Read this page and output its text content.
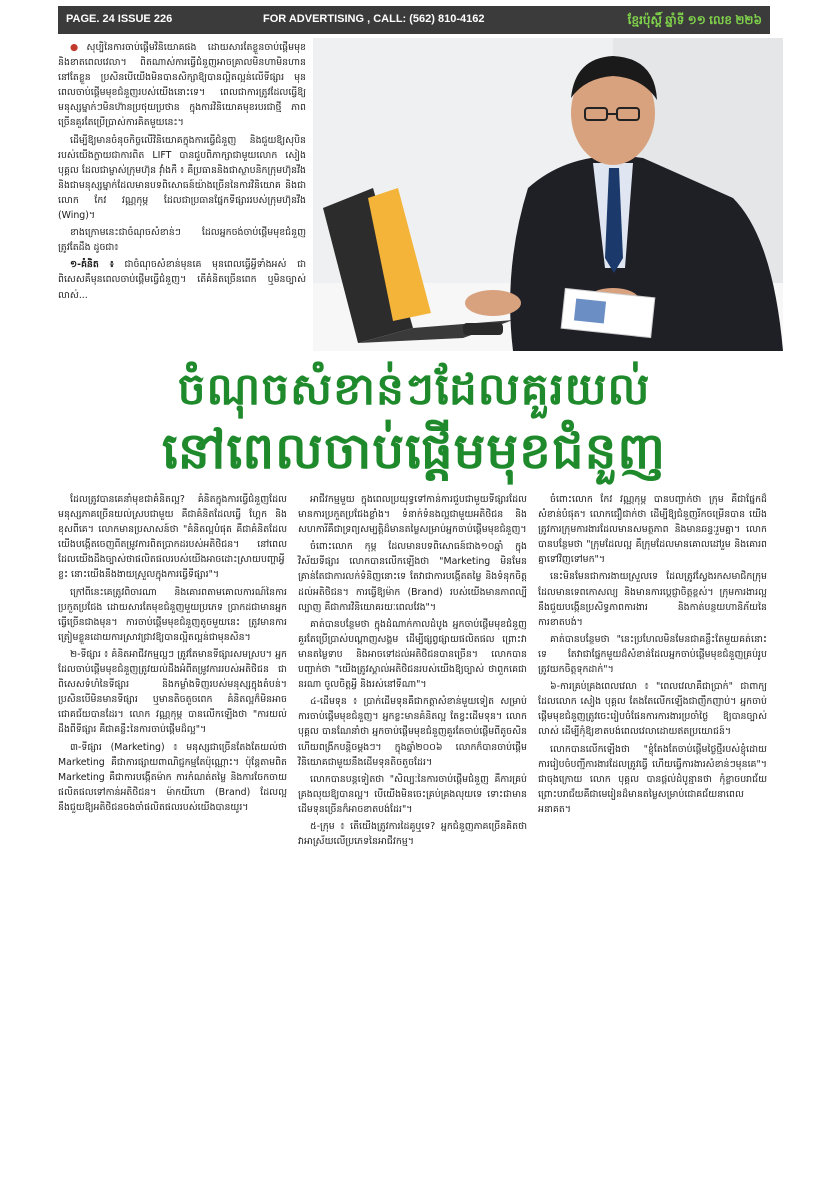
PAGE. 24 ISSUE 226	FOR ADVERTISING , CALL: (562) 810-4162	ខ្មែរប៉ុស្តិ៍ ឆ្នាំទី ១១ លេខ ២២៦

●សុប្បិនៃការចាប់ផ្តើមវិនិយោគផង ដោយសារតែខ្លួនចាប់ផ្តើមមុខ និងខាតពេលវេលា។ ពិតណាស់ការធ្វើជំនួញអាចគ្រាលមិនហាមិនហាននៅតែខ្លួន ប្រសិនបើយើងមិនបានសិក្សាឱ្យបានល្អិតល្អន់លើទីផ្សារ មុនពេលចាប់ផ្តើមមុខជំនួញរបស់យើងនោះទេ។ ពេលជាការត្រូវដែលធ្វើឱ្យមនុស្សម្នាក់ៗមិនហ៊ានប្រថុយប្រថាន ក្នុងការវិនិយោគមុខរបរជាថ្មី ភាពច្រើនគួរតែប្រើប្រាស់ការគិតមួយនេះ។

ដើម្បីឱ្យមានចំនុចកិច្ចលើវិនិយោគក្នុងការធ្វើជំនួញ និងជួយឱ្យសុបិនរបស់យើងក្លាយជាការពិត LIFT បានជួបពិភាក្សាជាមួយលោក សៀង បុគ្គល ដែលជាម្ចាស់ក្រុមហ៊ុន វ៉ាំងកឺ ៖ គឺប្រធាននិងជាស្ថាបនិកក្រុមហ៊ុនវីង និងជាមនុស្សម្នាក់ដែលមានបទពិសោធន៍យ៉ាងច្រើននៃការវិនិយោគ និងជាលោក កែវ វណ្ណកុម្ភ ដែលជាប្រធានផ្នែកទីផ្សាររបស់ក្រុមហ៊ុនវីង (Wing)។

ខាងក្រោមនេះជាចំណុចសំខាន់ៗ ដែលអ្នកចង់ចាប់ផ្តើមមុខជំនួញត្រូវតែដឹង ដូចជា៖

១-គំនិត ៖ ជាចំណុចសំខាន់មុនគេ មុនពេលធ្វើអ្វីទាំងអស់ ជាពិសេសគឺមុនពេលចាប់ផ្តើមធ្វើជំនួញ។ តើគំនិតច្រើនពេក ឬមិនច្បាស់លាស់...

ចំណុចសំខាន់ៗដែលគួរយល់
នៅពេលចាប់ផ្តើមមុខជំនួញ

ដែលត្រូវបានគេនាំមុខជាគំនិតល្អ? គំនិតក្នុងការធ្វើជំនួញដែលមនុស្សភាគច្រើនយល់ស្របជាមួយ គឺជាគំនិតដែលធ្វើ ហ្គែក និងខុសពីគេ។ លោកមានប្រសាសន៍ថា "គំនិតល្អបំផុត គឺជាគំនិតដែលយើងបង្កើតចេញពីតម្រូវការពិតប្រាកដរបស់អតិថិជន។ នៅពេលដែលយើងដឹងច្បាស់ថាផលិតផលរបស់យើងអាចដោះស្រាយបញ្ហាអ្វីខ្លះ នោះយើងនឹងងាយស្រួលក្នុងការធ្វើទីផ្សារ"។

ក្រៅពីនេះគេត្រូវពិចារណា និងគោរពតាមគោលការណ៍នៃការប្រកួតប្រជែង ដោយសារតែមុខជំនួញមួយប្រភេទ ប្រាកដជាមានអ្នកធ្វើច្រើនជាងមុន។ ការចាប់ផ្តើមមុខជំនួញតូចមួយនេះ ត្រូវមានការត្រៀមខ្លួនដោយការស្រាវជ្រាវឱ្យបានល្អិតល្អន់ជាមុនសិន។

២-ទីផ្សារ ៖ គំនិតអាជីវកម្មល្អៗ ត្រូវតែមានទីផ្សារសមស្រប។ អ្នកដែលចាប់ផ្តើមមុខជំនួញត្រូវយល់ដឹងអំពីតម្រូវការរបស់អតិថិជន ជាពិសេសទំហំនៃទីផ្សារ និងកម្លាំងទិញរបស់មនុស្សក្នុងតំបន់។ ប្រសិនបើមិនមានទីផ្សារ ឬមានតិចតួចពេក គំនិតល្អក៏មិនអាចជោគជ័យបានដែរ។ លោក វណ្ណកុម្ភ បានលើកឡើងថា "ការយល់ដឹងពីទីផ្សារ គឺជាគន្លឹះនៃការចាប់ផ្តើមដ៏ល្អ"។

៣-ទីផ្សារ (Marketing) ៖ មនុស្សជាច្រើនតែងតែយល់ថា Marketing គឺជាការផ្សាយពាណិជ្ជកម្មតែប៉ុណ្ណោះ។ ប៉ុន្តែតាមពិត Marketing គឺជាការបង្កើតម៉ាក ការកំណត់តម្លៃ និងការចែកចាយផលិតផលទៅកាន់អតិថិជន។ ម៉ាកយីហោ (Brand) ដែលល្អ នឹងជួយឱ្យអតិថិជនចងចាំផលិតផលរបស់យើងបានយូរ។

អាជីវកម្មមួយ ក្នុងពេលប្រយុទ្ធទៅកាន់ការជួបជាមួយទីផ្សារដែលមានការប្រកួតប្រជែងខ្លាំង។ ទំនាក់ទំនងល្អជាមួយអតិថិជន និងសហការីគឺជាទ្រព្យសម្បត្តិដ៏មានតម្លៃសម្រាប់អ្នកចាប់ផ្តើមមុខជំនួញ។

ចំពោះលោក កុម្ភ ដែលមានបទពិសោធន៍ជាង១០ឆ្នាំ ក្នុងវិស័យទីផ្សារ លោកបានលើកឡើងថា "Marketing មិនមែនគ្រាន់តែជាការលក់ទំនិញនោះទេ តែវាជាការបង្កើតតម្លៃ និងទំនុកចិត្តដល់អតិថិជន។ ការធ្វើឱ្យម៉ាក (Brand) របស់យើងមានភាពល្បីល្បាញ គឺជាការវិនិយោគរយៈពេលវែង"។

គាត់បានបន្ថែមថា ក្នុងដំណាក់កាលដំបូង អ្នកចាប់ផ្តើមមុខជំនួញគួរតែប្រើប្រាស់បណ្តាញសង្គម ដើម្បីផ្សព្វផ្សាយផលិតផល ព្រោះវាមានតម្លៃទាប និងអាចទៅដល់អតិថិជនបានច្រើន។ លោកបានបញ្ជាក់ថា "យើងត្រូវស្គាល់អតិថិជនរបស់យើងឱ្យច្បាស់ ថាពួកគេជានរណា ចូលចិត្តអ្វី និងរស់នៅទីណា"។

៤-ដើមទុន ៖ ប្រាក់ដើមទុនគឺជាកត្តាសំខាន់មួយទៀត សម្រាប់ការចាប់ផ្តើមមុខជំនួញ។ អ្នកខ្លះមានគំនិតល្អ តែខ្វះដើមទុន។ លោក បុគ្គល បានណែនាំថា អ្នកចាប់ផ្តើមមុខជំនួញគួរតែចាប់ផ្តើមពីតូចសិន ហើយពង្រីកបន្តិចម្តងៗ។ ក្នុងឆ្នាំ២០០៦ លោកក៏បានចាប់ផ្តើមវិនិយោគជាមួយនឹងដើមទុនតិចតួចដែរ។

លោកបានបន្តទៀតថា "សិល្បៈនៃការចាប់ផ្តើមជំនួញ គឺការគ្រប់គ្រងលុយឱ្យបានល្អ។ បើយើងមិនចេះគ្រប់គ្រងលុយទេ ទោះជាមានដើមទុនច្រើនក៏អាចខាតបង់ដែរ"។

៥-ក្រុម ៖ តើយើងត្រូវការដៃគូឬទេ? អ្នកជំនួញភាគច្រើនគិតថា វាអាស្រ័យលើប្រភេទនៃអាជីវកម្ម។

ចំពោះលោក កែវ វណ្ណកុម្ភ បានបញ្ជាក់ថា ក្រុម គឺជាផ្នែកដ៏សំខាន់បំផុត។ លោកជឿជាក់ថា ដើម្បីឱ្យជំនួញរីកចម្រើនបាន យើងត្រូវការក្រុមការងារដែលមានសមត្ថភាព និងមានឆន្ទៈរួមគ្នា។ លោកបានបន្ថែមថា "ក្រុមដែលល្អ គឺក្រុមដែលមានគោលដៅរួម និងគោរពគ្នាទៅវិញទៅមក"។

នេះមិនមែនជាការងាយស្រួលទេ ដែលត្រូវស្វែងរកសមាជិកក្រុមដែលមានទេពកោសល្យ និងមានការប្តេជ្ញាចិត្តខ្ពស់។ ក្រុមការងារល្អ នឹងជួយបង្កើនប្រសិទ្ធភាពការងារ និងកាត់បន្ថយហានិភ័យនៃការខាតបង់។

គាត់បានបន្ថែមថា "នេះប្រហែលមិនមែនជាគន្លឹះតែមួយគត់នោះទេ តែវាជាផ្នែកមួយដ៏សំខាន់ដែលអ្នកចាប់ផ្តើមមុខជំនួញគ្រប់រូបត្រូវយកចិត្តទុកដាក់"។

៦-ការគ្រប់គ្រងពេលវេលា ៖ "ពេលវេលាគឺជាប្រាក់" ជាពាក្យដែលលោក សៀង បុគ្គល តែងតែលើកឡើងជាញឹកញាប់។ អ្នកចាប់ផ្តើមមុខជំនួញត្រូវចេះរៀបចំផែនការការងារប្រចាំថ្ងៃ ឱ្យបានច្បាស់លាស់ ដើម្បីកុំឱ្យខាតបង់ពេលវេលាដោយឥតប្រយោជន៍។

លោកបានលើកឡើងថា "ខ្ញុំតែងតែចាប់ផ្តើមថ្ងៃថ្មីរបស់ខ្ញុំដោយការរៀបចំបញ្ជីការងារដែលត្រូវធ្វើ ហើយធ្វើការងារសំខាន់ៗមុនគេ"។ ជាចុងក្រោយ លោក បុគ្គល បានផ្តល់ដំបូន្មានថា កុំខ្លាចបរាជ័យ ព្រោះបរាជ័យគឺជាមេរៀនដ៏មានតម្លៃសម្រាប់ជោគជ័យនាពេលអនាគត។
